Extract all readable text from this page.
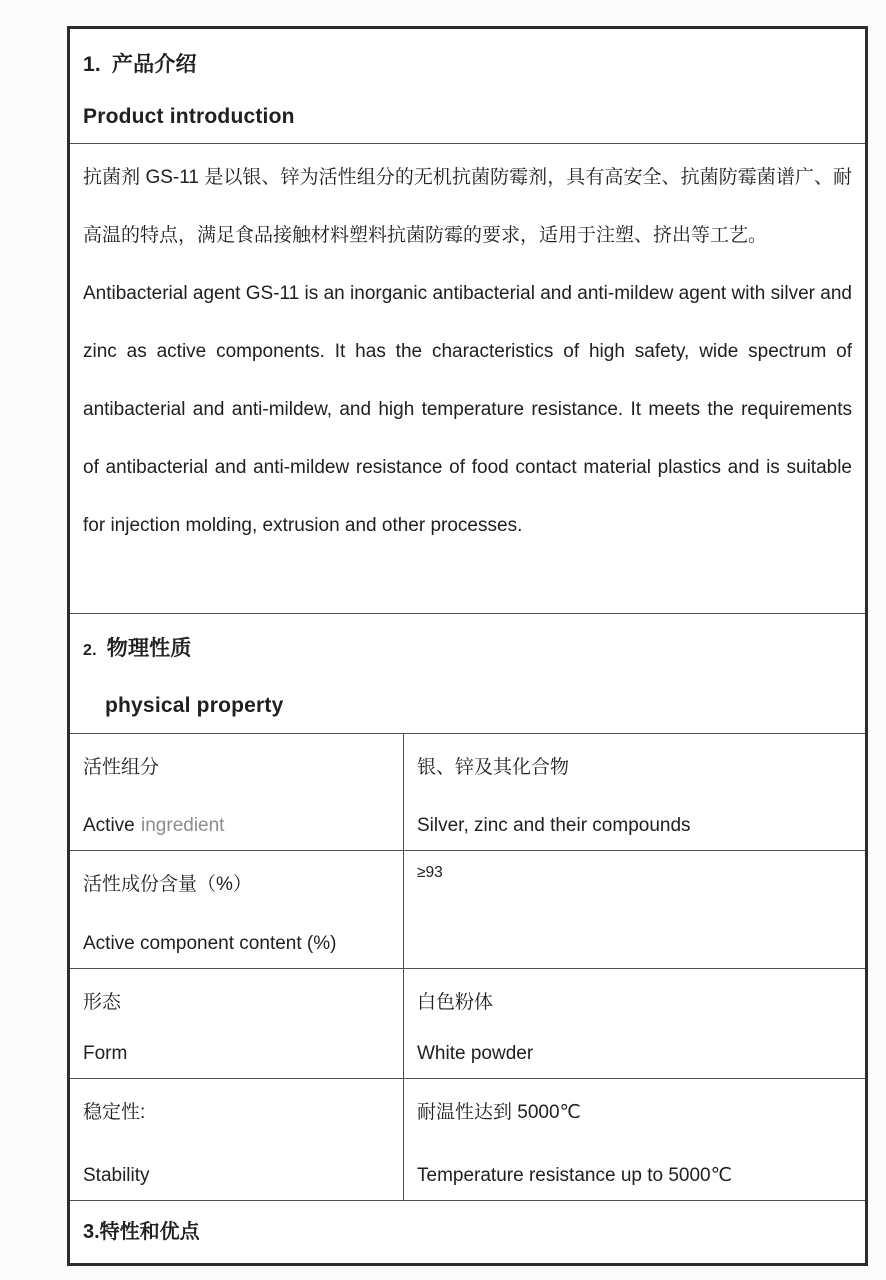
1. 产品介绍
Product introduction

抗菌剂 GS-11 是以银、锌为活性组分的无机抗菌防霉剂，具有高安全、抗菌防霉菌谱广、耐高温的特点，满足食品接触材料塑料抗菌防霉的要求，适用于注塑、挤出等工艺。

Antibacterial agent GS-11 is an inorganic antibacterial and anti-mildew agent with silver and zinc as active components. It has the characteristics of high safety, wide spectrum of antibacterial and anti-mildew, and high temperature resistance. It meets the requirements of antibacterial and anti-mildew resistance of food contact material plastics and is suitable for injection molding, extrusion and other processes.

2. 物理性质
physical property
活性组分
Active ingredient
银、锌及其化合物
Silver, zinc and their compounds
活性成份含量（%）
Active component content (%)
≥93
形态
Form
白色粉体
White powder
稳定性:
Stability
耐温性达到 5000℃
Temperature resistance up to 5000℃
3.特性和优点
